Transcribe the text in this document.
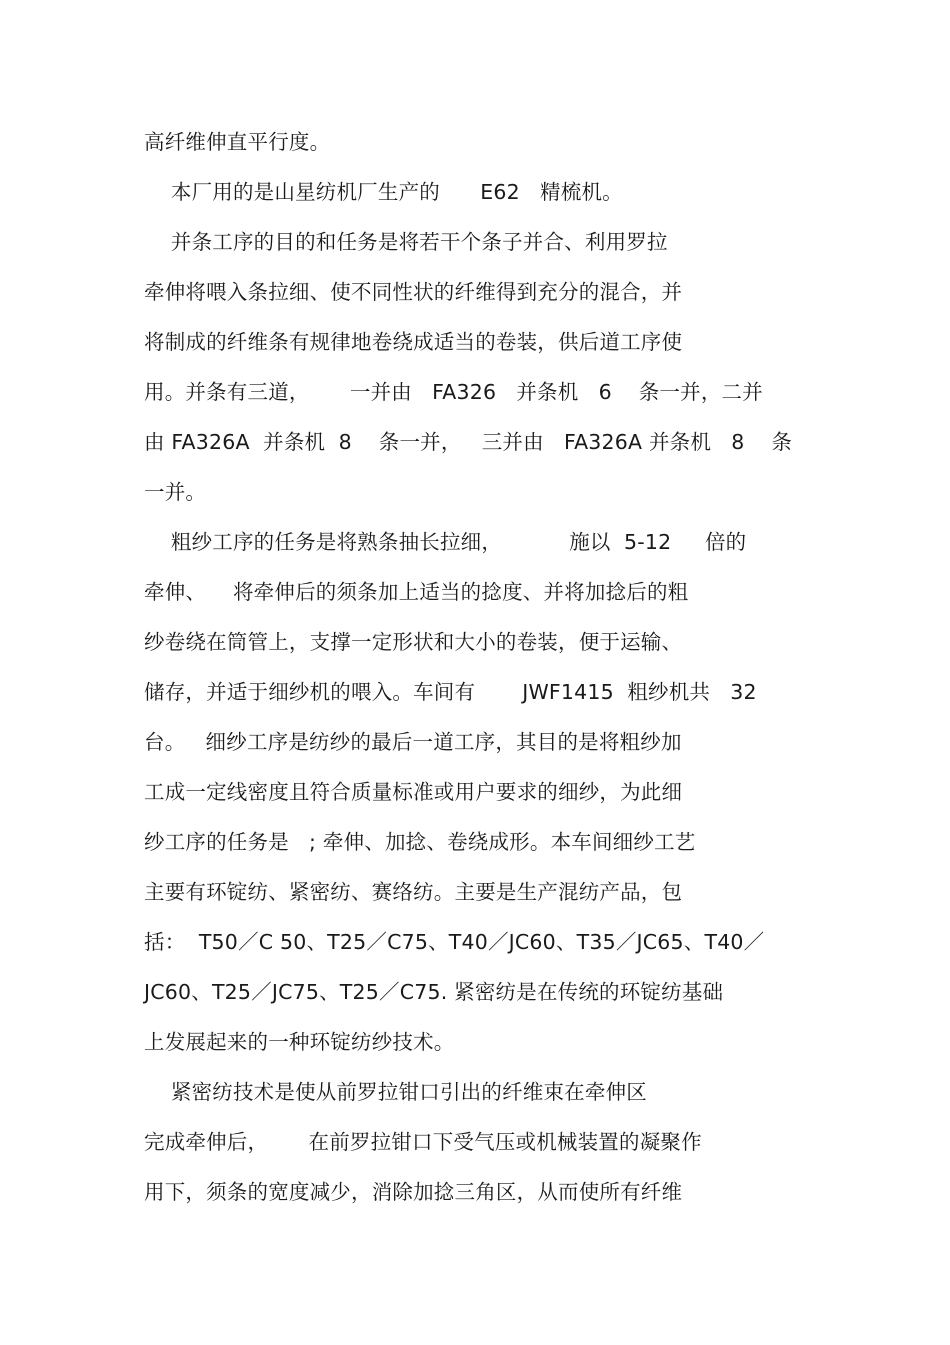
高纤维伸直平行度。

本厂用的是山星纺机厂生产的      E62   精梳机。

并条工序的目的和任务是将若干个条子并合、利用罗拉

牵伸将喂入条拉细、使不同性状的纤维得到充分的混合，并

将制成的纤维条有规律地卷绕成适当的卷装，供后道工序使

用。并条有三道，      一并由   FA326   并条机   6    条一并，二并

由 FA326A  并条机  8    条一并，   三并由   FA326A 并条机   8    条

一并。

粗纱工序的任务是将熟条抽长拉细，          施以  5-12     倍的

牵伸、    将牵伸后的须条加上适当的捻度、并将加捻后的粗

纱卷绕在筒管上，支撑一定形状和大小的卷装，便于运输、

储存，并适于细纱机的喂入。车间有       JWF1415  粗纱机共   32

台。   细纱工序是纺纱的最后一道工序，其目的是将粗纱加

工成一定线密度且符合质量标准或用户要求的细纱，为此细

纱工序的任务是   ; 牵伸、加捻、卷绕成形。本车间细纱工艺

主要有环锭纺、紧密纺、赛络纺。主要是生产混纺产品，包

括：  T50／C 50、T25／C75、T40／JC60、T35／JC65、T40／

JC60、T25／JC75、T25／C75. 紧密纺是在传统的环锭纺基础

上发展起来的一种环锭纺纱技术。

紧密纺技术是使从前罗拉钳口引出的纤维束在牵伸区

完成牵伸后，      在前罗拉钳口下受气压或机械装置的凝聚作

用下，须条的宽度减少，消除加捻三角区，从而使所有纤维
